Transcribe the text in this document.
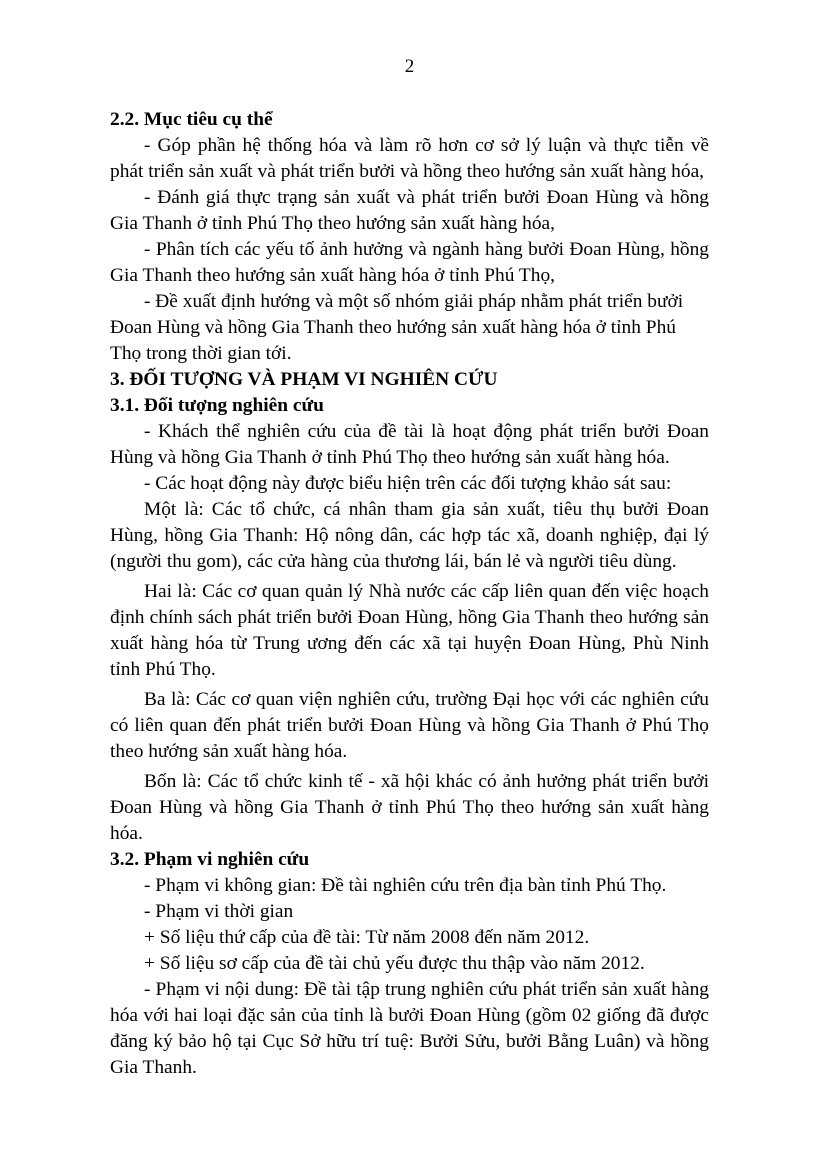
2

2.2. Mục tiêu cụ thể

- Góp phần hệ thống hóa và làm rõ hơn cơ sở lý luận và thực tiễn về phát triển sản xuất và phát triển bưởi và hồng theo hướng sản xuất hàng hóa,

- Đánh giá thực trạng sản xuất và phát triển bưởi Đoan Hùng và hồng Gia Thanh ở tỉnh Phú Thọ theo hướng sản xuất hàng hóa,

- Phân tích các yếu tố ảnh hưởng và ngành hàng bưởi Đoan Hùng, hồng Gia Thanh theo hướng sản xuất hàng hóa ở tỉnh Phú Thọ,

- Đề xuất định hướng và một số nhóm giải pháp nhằm phát triển bưởi Đoan Hùng và hồng Gia Thanh theo hướng sản xuất hàng hóa ở tỉnh Phú Thọ trong thời gian tới.

3. ĐỐI TƯỢNG VÀ PHẠM VI NGHIÊN CỨU

3.1. Đối tượng nghiên cứu

- Khách thể nghiên cứu của đề tài là hoạt động phát triển bưởi Đoan Hùng và hồng Gia Thanh ở tỉnh Phú Thọ theo hướng sản xuất hàng hóa.

- Các hoạt động này được biểu hiện trên các đối tượng khảo sát sau:

Một là: Các tổ chức, cá nhân tham gia sản xuất, tiêu thụ bưởi Đoan Hùng, hồng Gia Thanh: Hộ nông dân, các hợp tác xã, doanh nghiệp, đại lý (người thu gom), các cửa hàng của thương lái, bán lẻ và người tiêu dùng.

Hai là: Các cơ quan quản lý Nhà nước các cấp liên quan đến việc hoạch định chính sách phát triển bưởi Đoan Hùng, hồng Gia Thanh theo hướng sản xuất hàng hóa từ Trung ương đến các xã tại huyện Đoan Hùng, Phù Ninh tỉnh Phú Thọ.

Ba là: Các cơ quan viện nghiên cứu, trường Đại học với các nghiên cứu có liên quan đến phát triển bưởi Đoan Hùng và hồng Gia Thanh ở Phú Thọ theo hướng sản xuất hàng hóa.

Bốn là: Các tổ chức kinh tế - xã hội khác có ảnh hưởng phát triển bưởi Đoan Hùng và hồng Gia Thanh ở tỉnh Phú Thọ theo hướng sản xuất hàng hóa.

3.2. Phạm vi nghiên cứu

- Phạm vi không gian: Đề tài nghiên cứu trên địa bàn tỉnh Phú Thọ.

- Phạm vi thời gian

+ Số liệu thứ cấp của đề tài: Từ năm 2008 đến năm 2012.

+ Số liệu sơ cấp của đề tài chủ yếu được thu thập vào năm 2012.

- Phạm vi nội dung: Đề tài tập trung nghiên cứu phát triển sản xuất hàng hóa với hai loại đặc sản của tỉnh là bưởi Đoan Hùng (gồm 02 giống đã được đăng ký bảo hộ tại Cục Sở hữu trí tuệ: Bưởi Sửu, bưởi Bằng Luân) và hồng Gia Thanh.
